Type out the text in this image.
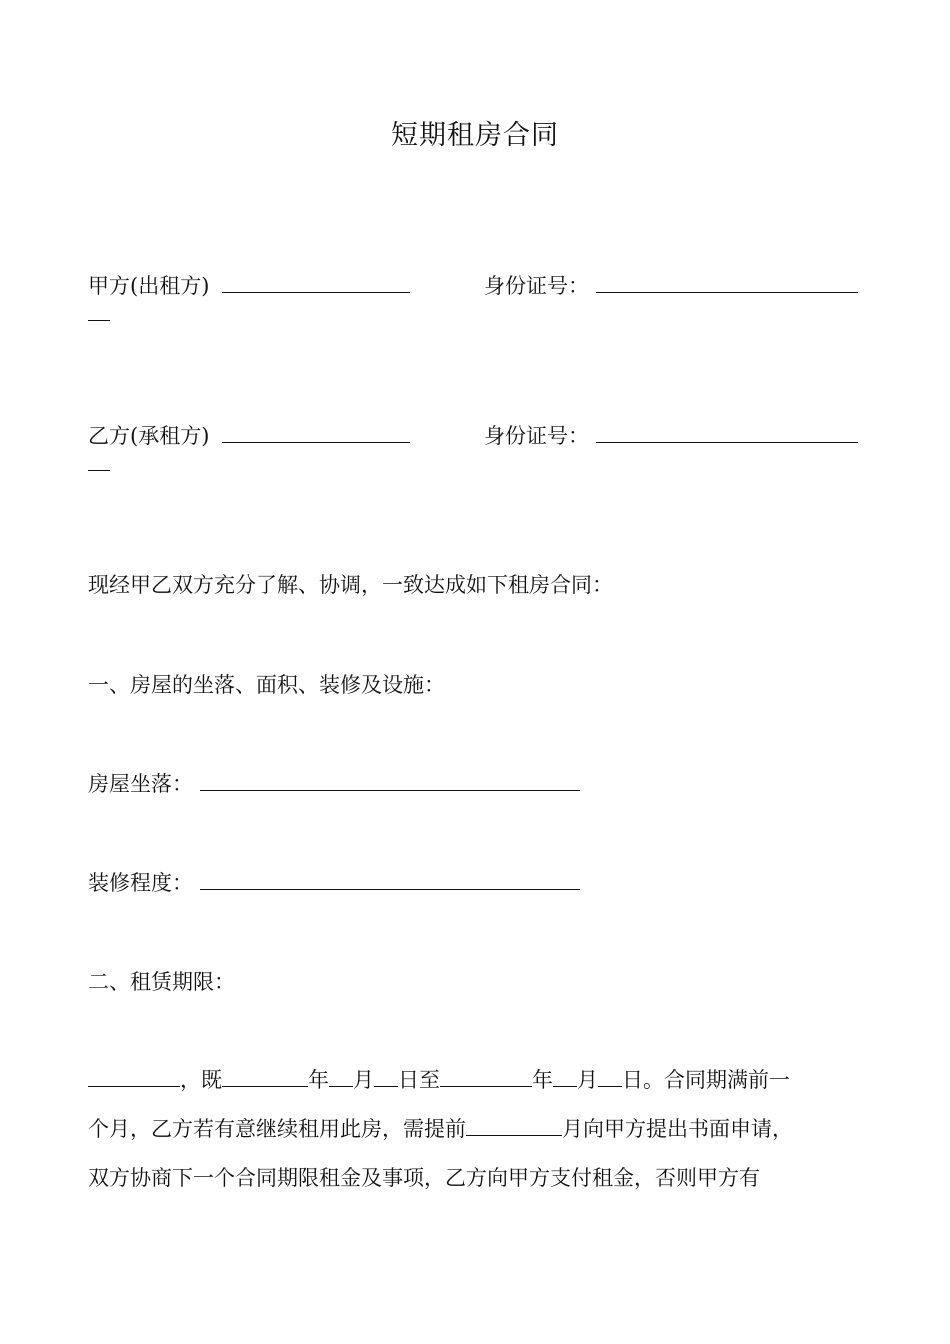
短期租房合同
甲方(出租方)	身份证号：
乙方(承租方)	身份证号：
现经甲乙双方充分了解、协调，一致达成如下租房合同：
一、房屋的坐落、面积、装修及设施：
房屋坐落：
装修程度：
二、租赁期限：
，既	年 月 日至	年 月 日。合同期满前一
个月，乙方若有意继续租用此房，需提前	月向甲方提出书面申请，
双方协商下一个合同期限租金及事项，乙方向甲方支付租金，否则甲方有
